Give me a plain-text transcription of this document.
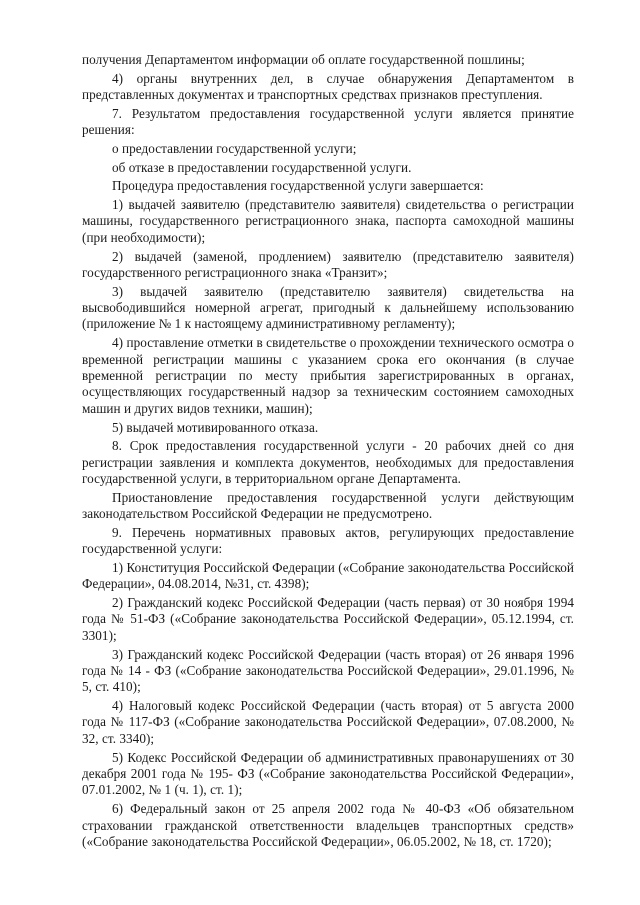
получения Департаментом информации об оплате государственной пошлины;

4) органы внутренних дел, в случае обнаружения Департаментом в представленных документах и транспортных средствах признаков преступления.

7. Результатом предоставления государственной услуги является принятие решения:

о предоставлении государственной услуги;

об отказе в предоставлении государственной услуги.

Процедура предоставления государственной услуги завершается:

1) выдачей заявителю (представителю заявителя) свидетельства о регистрации машины, государственного регистрационного знака, паспорта самоходной машины (при необходимости);

2) выдачей (заменой, продлением) заявителю (представителю заявителя) государственного регистрационного знака «Транзит»;

3) выдачей заявителю (представителю заявителя) свидетельства на высвободившийся номерной агрегат, пригодный к дальнейшему использованию (приложение № 1 к настоящему административному регламенту);

4) проставление отметки в свидетельстве о прохождении технического осмотра о временной регистрации машины с указанием срока его окончания (в случае временной регистрации по месту прибытия зарегистрированных в органах, осуществляющих государственный надзор за техническим состоянием самоходных машин и других видов техники, машин);

5) выдачей мотивированного отказа.

8. Срок предоставления государственной услуги - 20 рабочих дней со дня регистрации заявления и комплекта документов, необходимых для предоставления государственной услуги, в территориальном органе Департамента.

Приостановление предоставления государственной услуги действующим законодательством Российской Федерации не предусмотрено.

9. Перечень нормативных правовых актов, регулирующих предоставление государственной услуги:

1) Конституция Российской Федерации («Собрание законодательства Российской Федерации», 04.08.2014, №31, ст. 4398);

2) Гражданский кодекс Российской Федерации (часть первая) от 30 ноября 1994 года № 51-ФЗ («Собрание законодательства Российской Федерации», 05.12.1994, ст. 3301);

3) Гражданский кодекс Российской Федерации (часть вторая) от 26 января 1996 года № 14 - ФЗ («Собрание законодательства Российской Федерации», 29.01.1996, № 5, ст. 410);

4) Налоговый кодекс Российской Федерации (часть вторая) от 5 августа 2000 года № 117-ФЗ («Собрание законодательства Российской Федерации», 07.08.2000, № 32, ст. 3340);

5) Кодекс Российской Федерации об административных правонарушениях от 30 декабря 2001 года № 195- ФЗ («Собрание законодательства Российской Федерации», 07.01.2002, № 1 (ч. 1), ст. 1);

6) Федеральный закон от 25 апреля 2002 года № 40-ФЗ «Об обязательном страховании гражданской ответственности владельцев транспортных средств» («Собрание законодательства Российской Федерации», 06.05.2002, № 18, ст. 1720);
